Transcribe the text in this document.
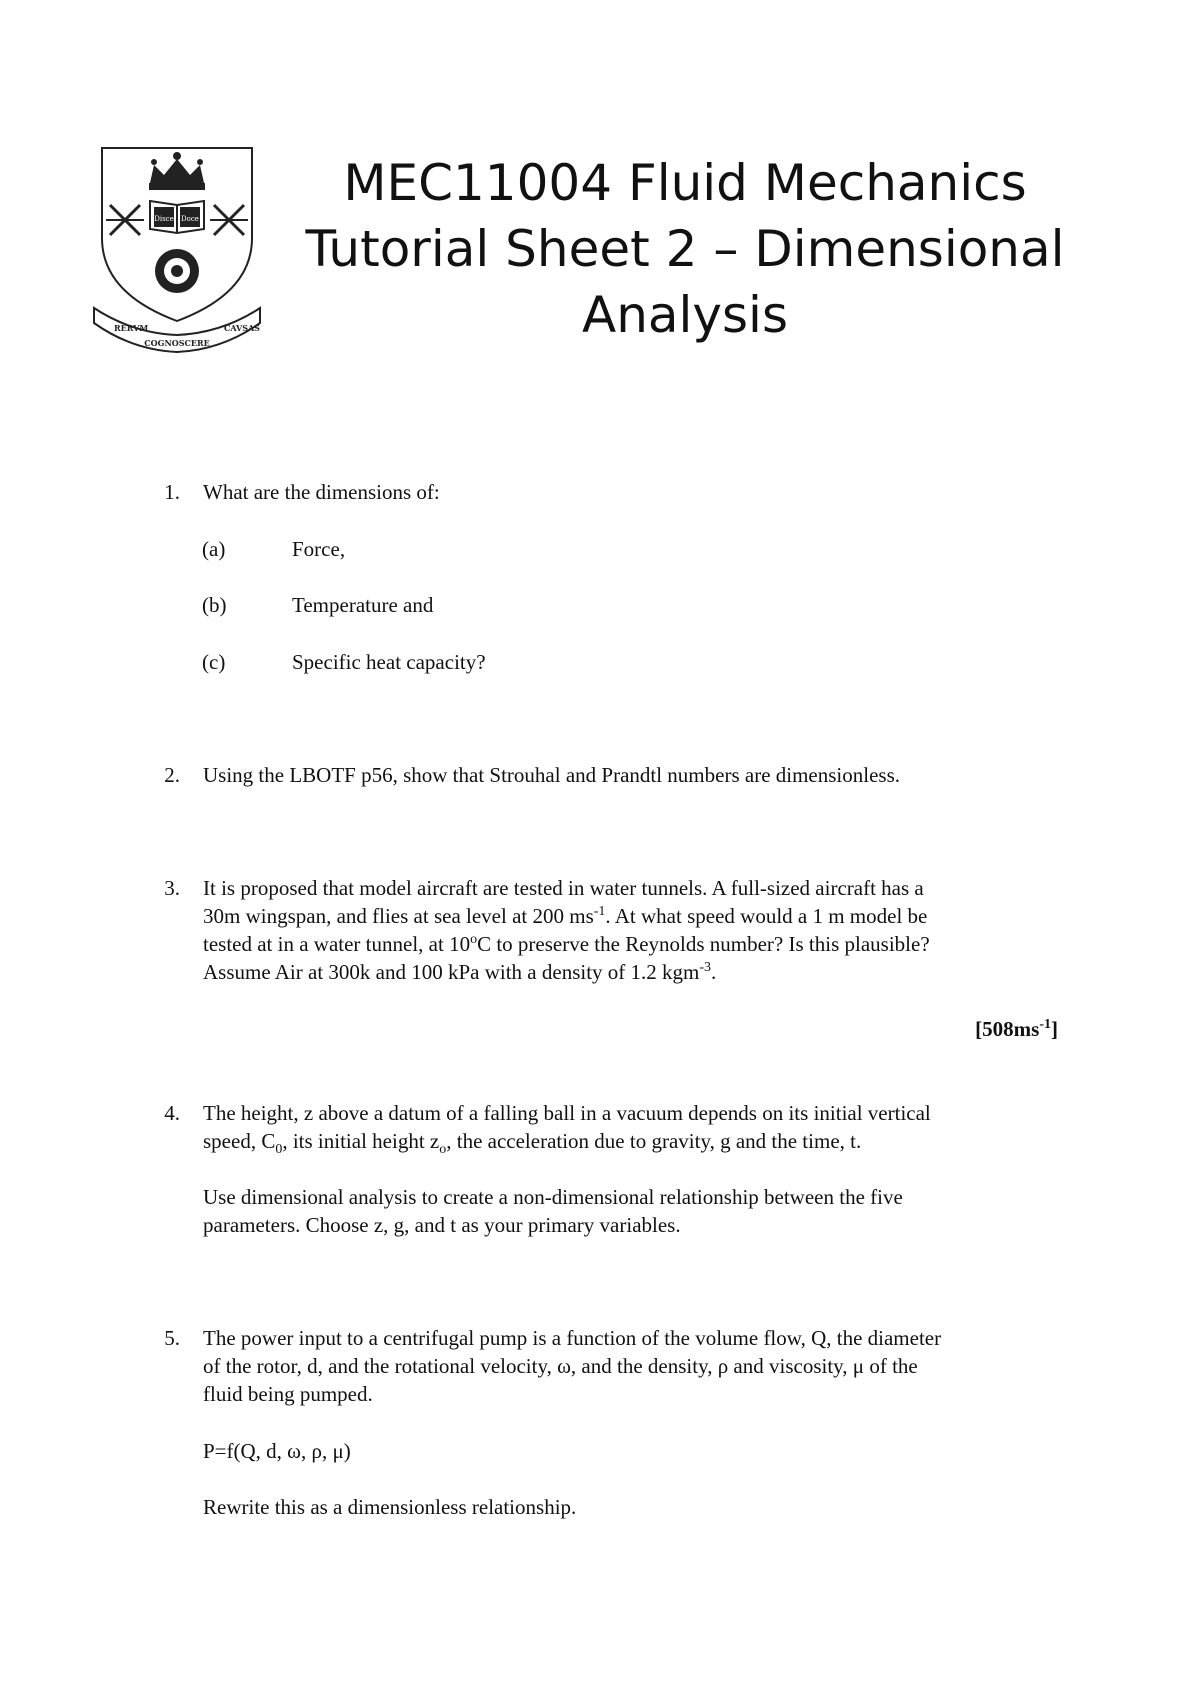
Disce Doce
RERVM
COGNOSCERE
CAVSAS
MEC11004 Fluid Mechanics
Tutorial Sheet 2 – Dimensional
Analysis
1. What are the dimensions of:
(a)	Force,
(b)	Temperature and
(c)	Specific heat capacity?
2. Using the LBOTF p56, show that Strouhal and Prandtl numbers are dimensionless.
3. It is proposed that model aircraft are tested in water tunnels. A full-sized aircraft has a
30m wingspan, and flies at sea level at 200 $ms^{-1}$. At what speed would a 1 m model be
tested at in a water tunnel, at 10$^o$C to preserve the Reynolds number? Is this plausible?
Assume Air at 300k and 100 kPa with a density of 1.2 kgm$^{-3}$.
$[508ms^{-1}]$
4. The height, z above a datum of a falling ball in a vacuum depends on its initial vertical
speed, $C_0$, its initial height $z_o$, the acceleration due to gravity, g and the time, t.
Use dimensional analysis to create a non-dimensional relationship between the five
parameters. Choose z, g, and t as your primary variables.
5. The power input to a centrifugal pump is a function of the volume flow, Q, the diameter
of the rotor, d, and the rotational velocity, ω, and the density, ρ and viscosity, μ of the
fluid being pumped.
P=f(Q, d, ω, ρ, μ)
Rewrite this as a dimensionless relationship.
